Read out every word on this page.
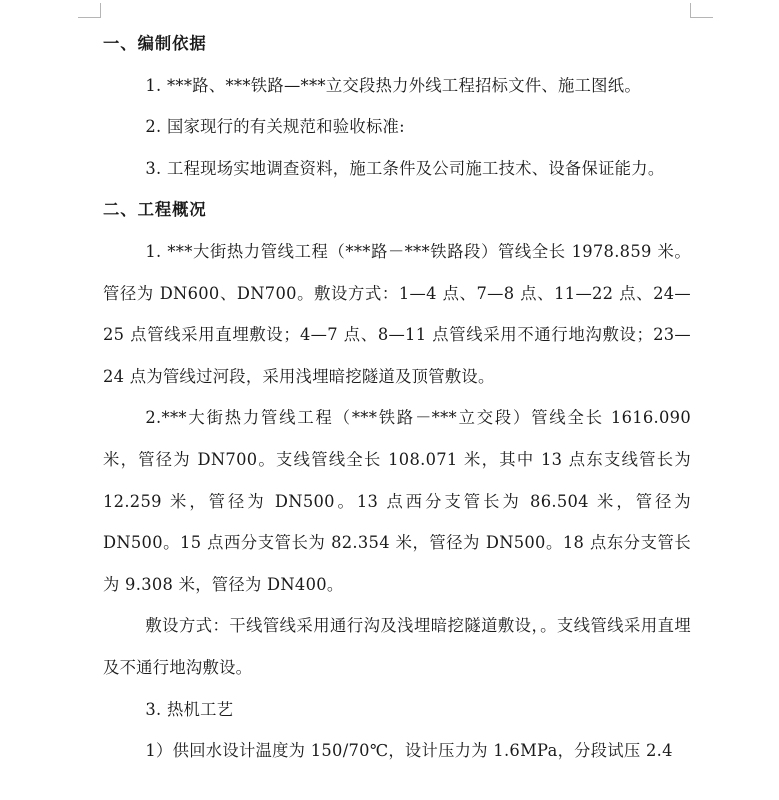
一、编制依据

1. ***路、***铁路—***立交段热力外线工程招标文件、施工图纸。

2. 国家现行的有关规范和验收标准:

3. 工程现场实地调查资料，施工条件及公司施工技术、设备保证能力。

二、工程概况

1. ***大街热力管线工程（***路－***铁路段）管线全长 1978.859 米。管径为 DN600、DN700。敷设方式：1—4 点、7—8 点、11—22 点、24—25 点管线采用直埋敷设；4—7 点、8—11 点管线采用不通行地沟敷设；23—24 点为管线过河段，采用浅埋暗挖隧道及顶管敷设。

2.***大街热力管线工程（***铁路－***立交段）管线全长 1616.090 米，管径为 DN700。支线管线全长 108.071 米，其中 13 点东支线管长为 12.259 米，管径为 DN500。13 点西分支管长为 86.504 米，管径为 DN500。15 点西分支管长为 82.354 米，管径为 DN500。18 点东分支管长为 9.308 米，管径为 DN400。

敷设方式：干线管线采用通行沟及浅埋暗挖隧道敷设，。支线管线采用直埋及不通行地沟敷设。

3. 热机工艺

1）供回水设计温度为 150/70℃，设计压力为 1.6MPa，分段试压 2.4
